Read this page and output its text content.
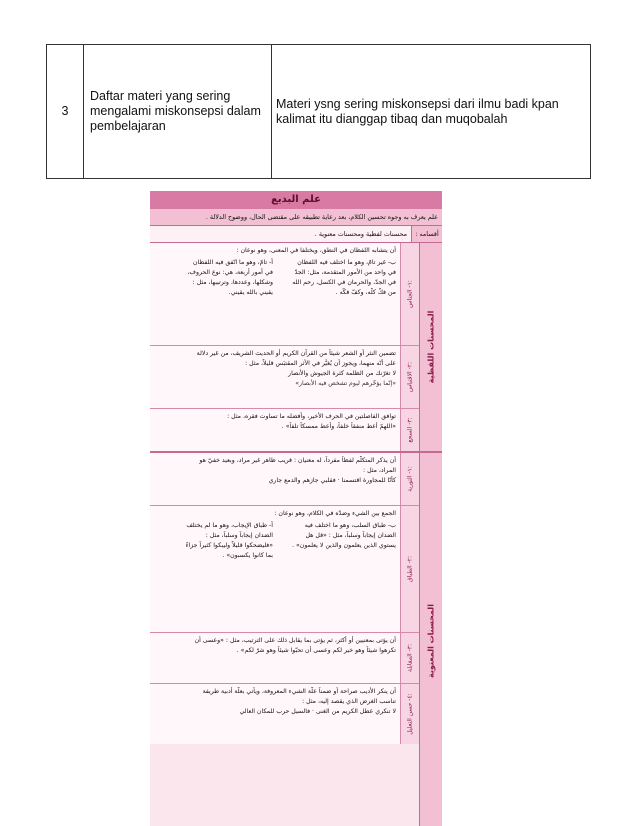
3	Daftar materi yang sering mengalami miskonsepsi dalam pembelajaran	Materi ysng sering miskonsepsi dari ilmu badi kpan kalimat itu dianggap tibaq dan muqobalah
علم البديع
علم يعرف به وجوه تحسين الكلام، بعد رعاية تطبيقه على مقتضى الحال، ووضوح الدلالة .
أقسامه :
محسنات لفظية ومحسنات معنوية .
المحسنات اللفظية
١- الجناس:
أن يتشابه اللفظان في النطق، ويختلفا في المعنى، وهو نوعان :
أ- تامّ، وهو ما اتّفق فيه اللفظان
في أمور أربعة، هي: نوع الحروف،
وشكلها، وعددها، وترتيبها، مثل :
يقيني بالله يقيني.
ب- غير تامّ، وهو ما اختلف فيه اللفظان
في واحد من الأمور المتقدمة، مثل: الجدّ
في الجدّ، والحرمان في الكسل، رحم الله
من فكّ كلّه، وكفّ فكّه .
٢- الاقتباس:
تضمين النثر أو الشعر شيئاً من القرآن الكريم أو الحديث الشريف، من غير دلالة
على أنّه منهما، ويجوز أن يُغيَّر في الأثر المقتبَس قليلاً، مثل :
لا تغرّنك من الظلمة كثرة الجيوش والأنصار
«إنّما يؤخّرهم ليوم تشخص فيه الأبصار»
٣- السجع:
توافق الفاصلتين في الحرف الأخير، وأفضله ما تساوت فقره، مثل :
«اللهمّ أعط منفقاً خلفاً، وأعط ممسكاً تلفاً» .
المحسنات المعنوية
١- التورية:
أن يذكر المتكلّم لفظاً مفرداً، له معنيان : قريب ظاهر غير مراد، وبعيد خفيّ هو
المراد، مثل :
كأنّا للمجاورة اقتسمنا · فقلبي جازهم والدمع جاري
٢- الطباق:
الجمع بين الشيء وضدّه في الكلام، وهو نوعان :
أ- طباق الإيجاب، وهو ما لم يختلف
الضدان إيجاباً وسلباً، مثل :
«فليضحكوا قليلاً وليبكوا كثيراً جزاءً
بما كانوا يكسبون» .
ب- طباق السلب، وهو ما اختلف فيه
الضدان إيجاباً وسلباً، مثل : «قل هل
يستوي الذين يعلمون والذين لا يعلمون» .
٣- المقابلة:
أن يؤتى بمعنيين أو أكثر، ثم يؤتى بما يقابل ذلك على الترتيب، مثل : «وعسى أن
تكرهوا شيئاً وهو خير لكم وعسى أن تحبّوا شيئاً وهو شرّ لكم» .
٤- حسن التعليل:
أن ينكر الأديب صراحة أو ضمناً علّة الشيء المعروفة، ويأتي بعلّة أدبية طريفة
تناسب الغرض الذي يقصد إليه، مثل :
لا تنكري عطل الكريم من الغنى · فالسيل حرب للمكان العالي
